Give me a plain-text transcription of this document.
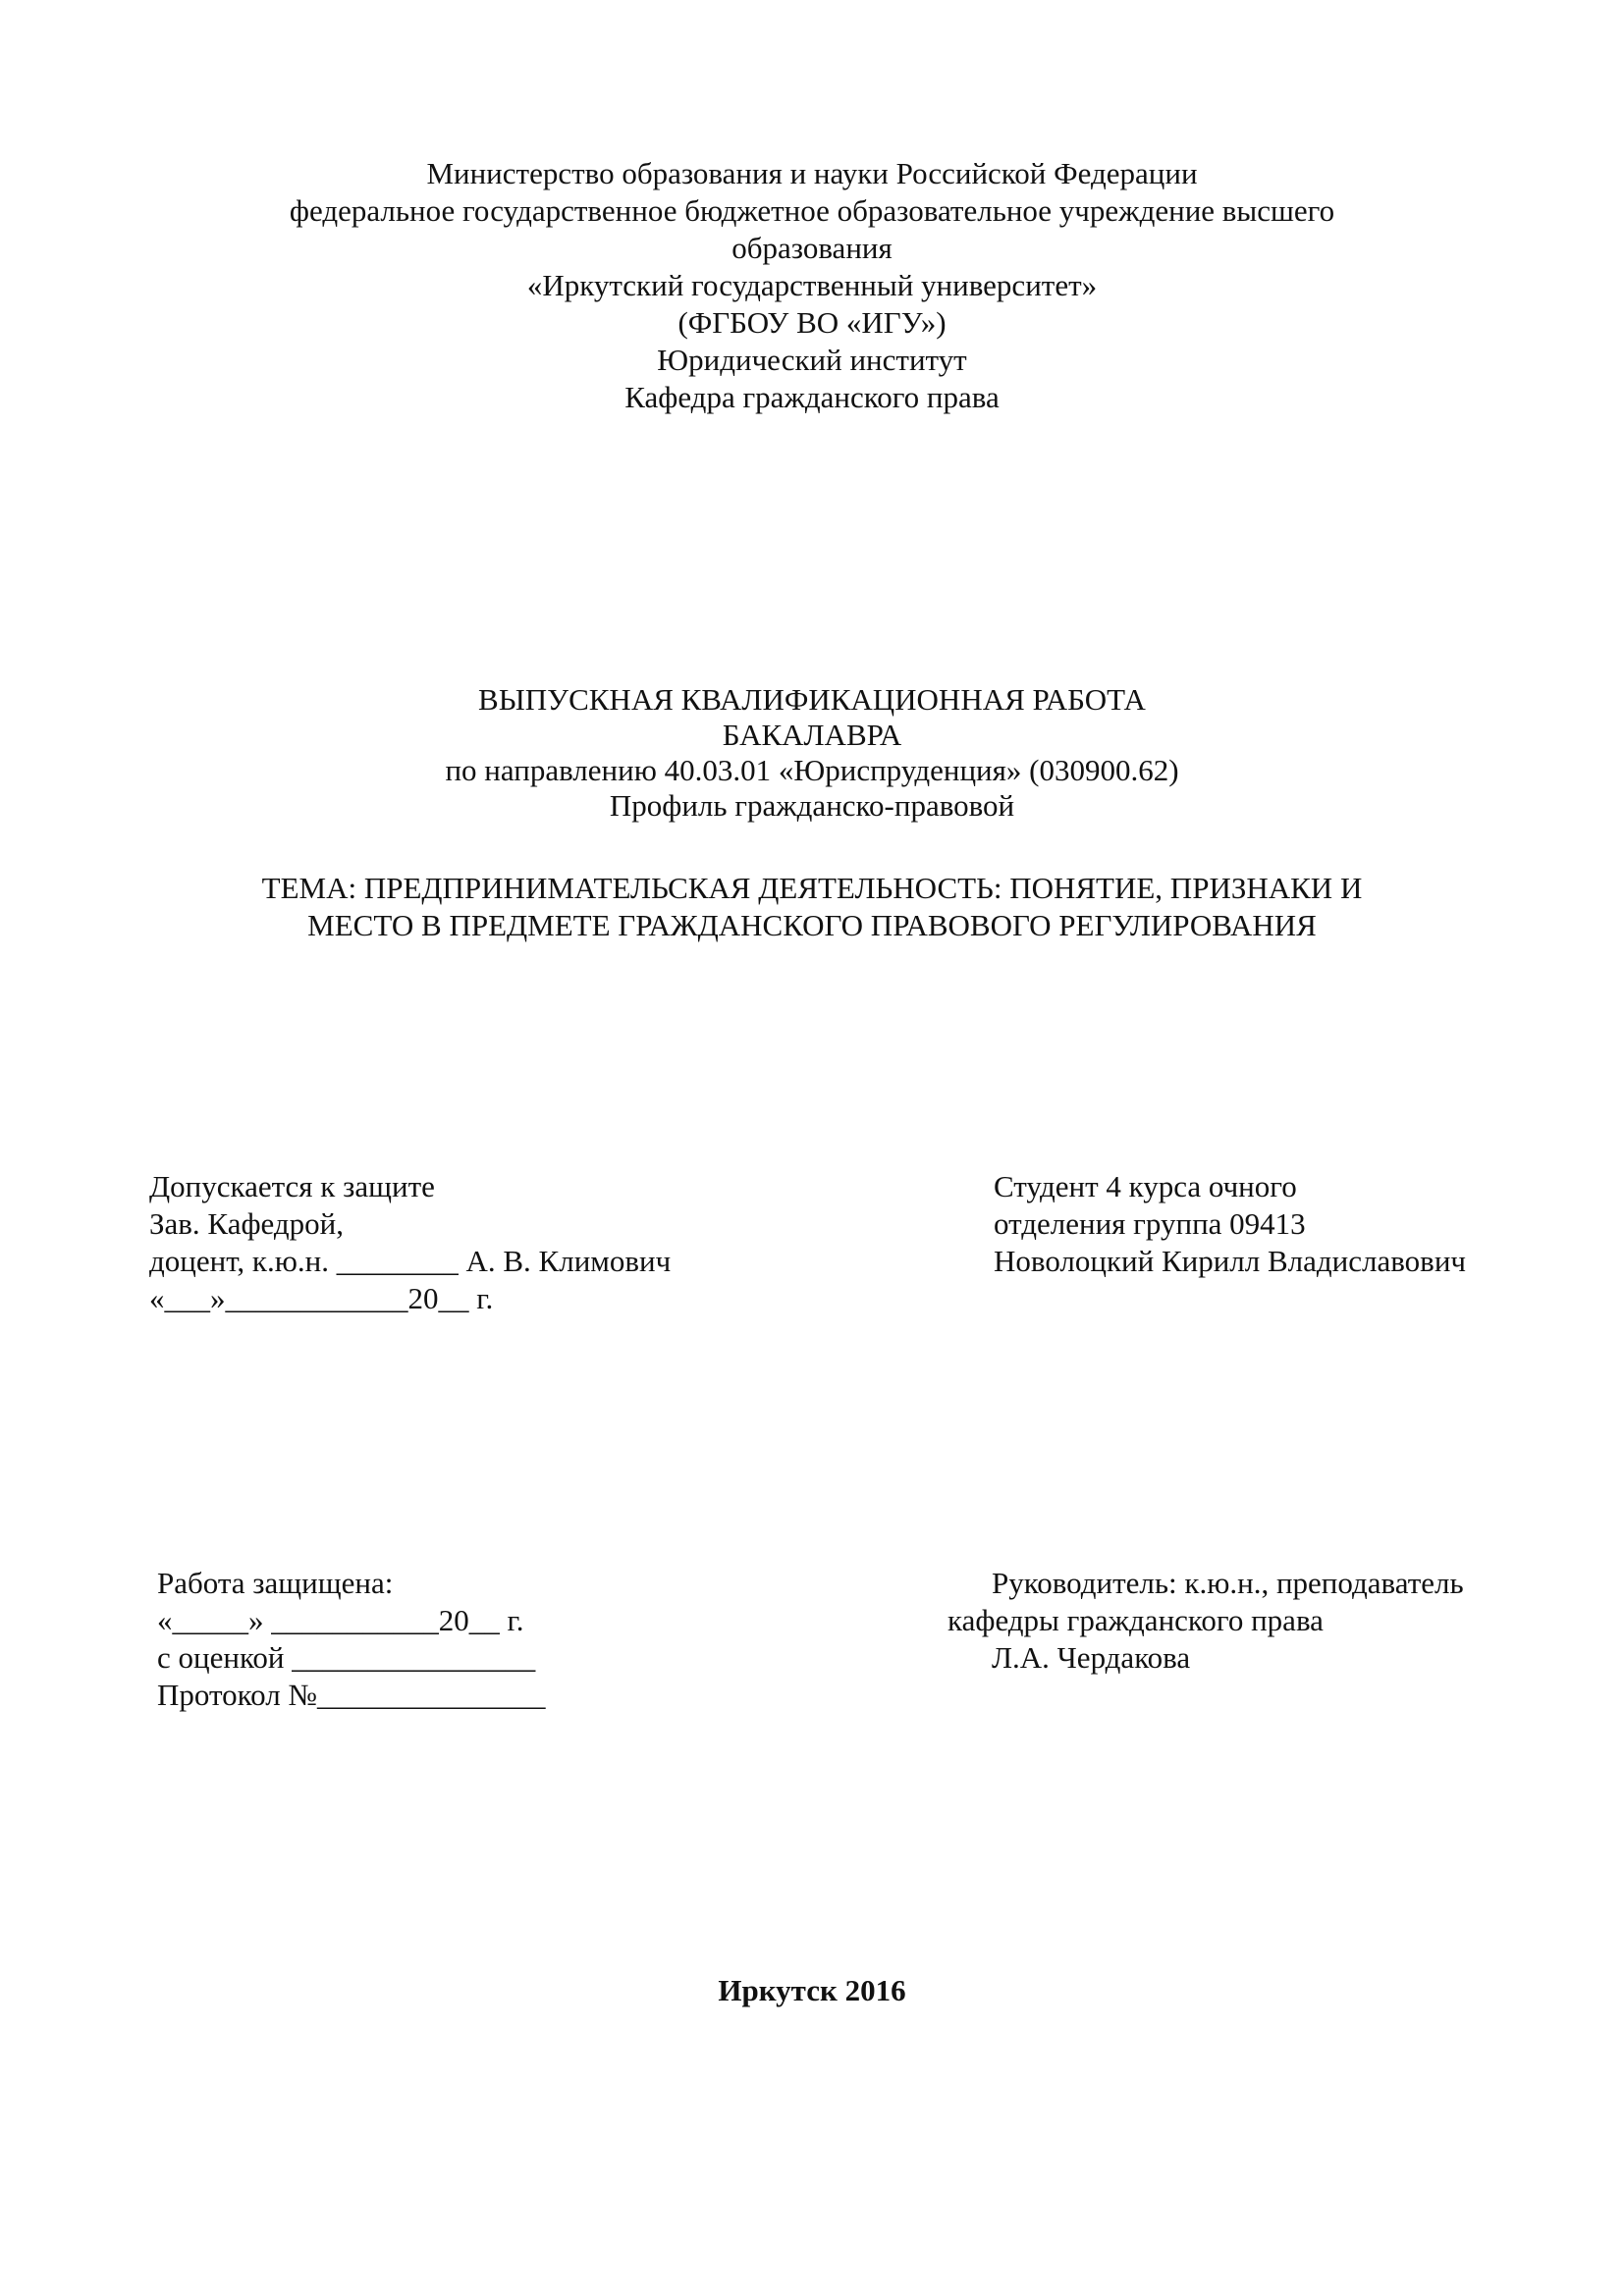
Министерство образования и науки Российской Федерации
федеральное государственное бюджетное образовательное учреждение высшего
образования
«Иркутский государственный университет»
(ФГБОУ ВО «ИГУ»)
Юридический институт
Кафедра гражданского права
ВЫПУСКНАЯ КВАЛИФИКАЦИОННАЯ РАБОТА
БАКАЛАВРА
по направлению 40.03.01 «Юриспруденция» (030900.62)
Профиль гражданско-правовой
ТЕМА: ПРЕДПРИНИМАТЕЛЬСКАЯ ДЕЯТЕЛЬНОСТЬ: ПОНЯТИЕ, ПРИЗНАКИ И
МЕСТО В ПРЕДМЕТЕ ГРАЖДАНСКОГО ПРАВОВОГО РЕГУЛИРОВАНИЯ
Допускается к защите
Зав. Кафедрой,
доцент, к.ю.н. ________ А. В. Климович
«___»____________20__ г.
Студент 4 курса очного
отделения группа 09413
Новолоцкий Кирилл Владиславович
Работа защищена:
«_____» ___________20__ г.
с оценкой ________________
Протокол №_______________
Руководитель: к.ю.н., преподаватель
кафедры гражданского права
Л.А. Чердакова
Иркутск 2016
